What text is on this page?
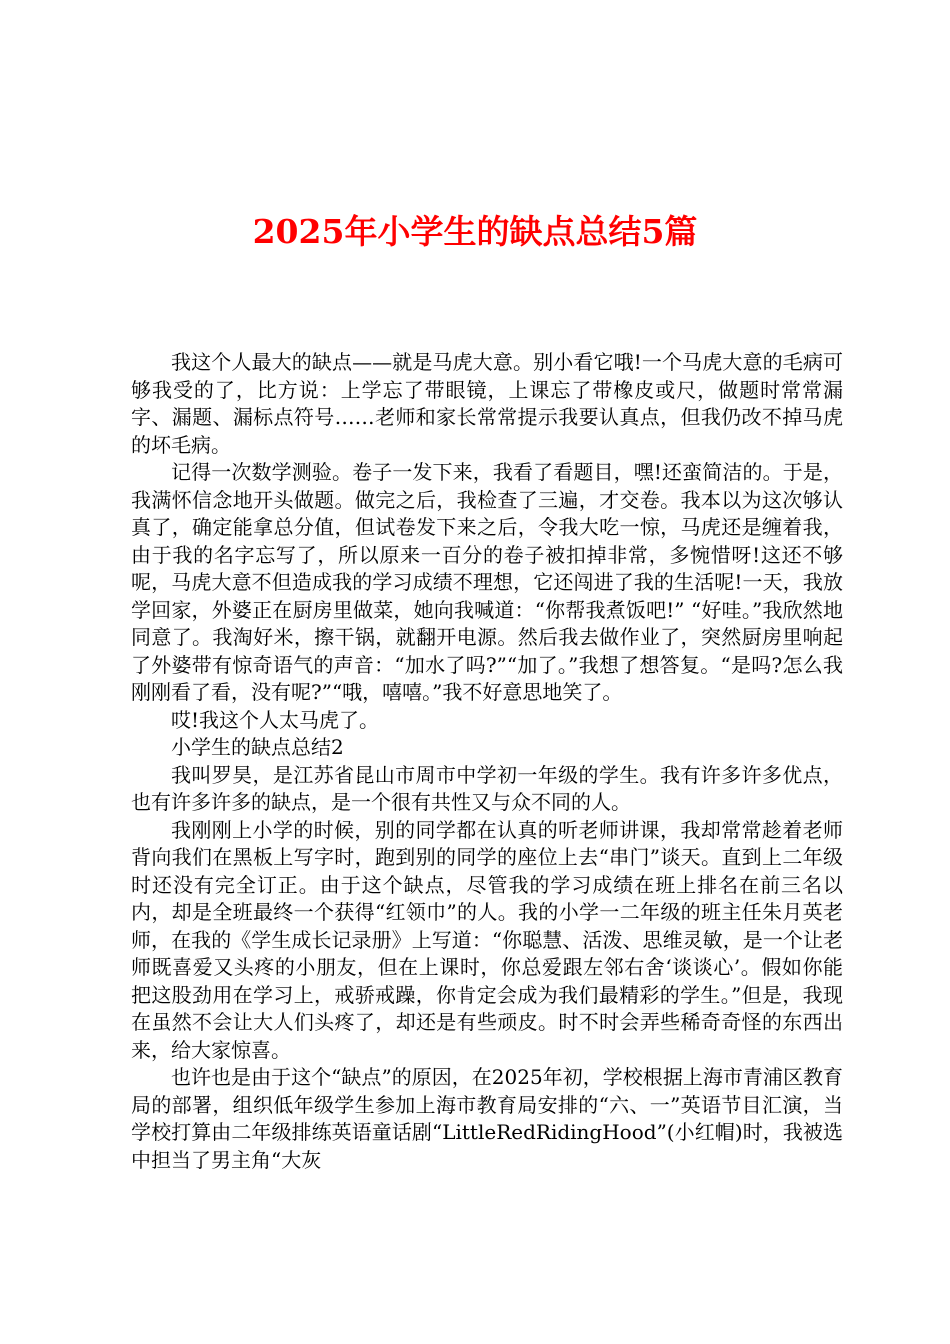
2025年小学生的缺点总结5篇

我这个人最大的缺点——就是马虎大意。别小看它哦!一个马虎大意的毛病可够我受的了，比方说：上学忘了带眼镜，上课忘了带橡皮或尺，做题时常常漏字、漏题、漏标点符号……老师和家长常常提示我要认真点，但我仍改不掉马虎的坏毛病。

记得一次数学测验。卷子一发下来，我看了看题目，嘿!还蛮简洁的。于是，我满怀信念地开头做题。做完之后，我检查了三遍，才交卷。我本以为这次够认真了，确定能拿总分值，但试卷发下来之后，令我大吃一惊，马虎还是缠着我，由于我的名字忘写了，所以原来一百分的卷子被扣掉非常，多惋惜呀!这还不够呢，马虎大意不但造成我的学习成绩不理想，它还闯进了我的生活呢!一天，我放学回家，外婆正在厨房里做菜，她向我喊道：“你帮我煮饭吧!” “好哇。”我欣然地同意了。我淘好米，擦干锅，就翻开电源。然后我去做作业了，突然厨房里响起了外婆带有惊奇语气的声音：“加水了吗?”“加了。”我想了想答复。“是吗?怎么我刚刚看了看，没有呢?”“哦，嘻嘻。”我不好意思地笑了。

哎!我这个人太马虎了。

小学生的缺点总结2

我叫罗昊，是江苏省昆山市周市中学初一年级的学生。我有许多许多优点，也有许多许多的缺点，是一个很有共性又与众不同的人。

我刚刚上小学的时候，别的同学都在认真的听老师讲课，我却常常趁着老师背向我们在黑板上写字时，跑到别的同学的座位上去“串门”谈天。直到上二年级时还没有完全订正。由于这个缺点，尽管我的学习成绩在班上排名在前三名以内，却是全班最终一个获得“红领巾”的人。我的小学一二年级的班主任朱月英老师，在我的《学生成长记录册》上写道：“你聪慧、活泼、思维灵敏，是一个让老师既喜爱又头疼的小朋友，但在上课时，你总爱跟左邻右舍‘谈谈心’。假如你能把这股劲用在学习上，戒骄戒躁，你肯定会成为我们最精彩的学生。”但是，我现在虽然不会让大人们头疼了，却还是有些顽皮。时不时会弄些稀奇奇怪的东西出来，给大家惊喜。

也许也是由于这个“缺点”的原因，在2025年初，学校根据上海市青浦区教育局的部署，组织低年级学生参加上海市教育局安排的“六、一”英语节目汇演，当学校打算由二年级排练英语童话剧“LittleRedRidingHood”(小红帽)时，我被选中担当了男主角“大灰
